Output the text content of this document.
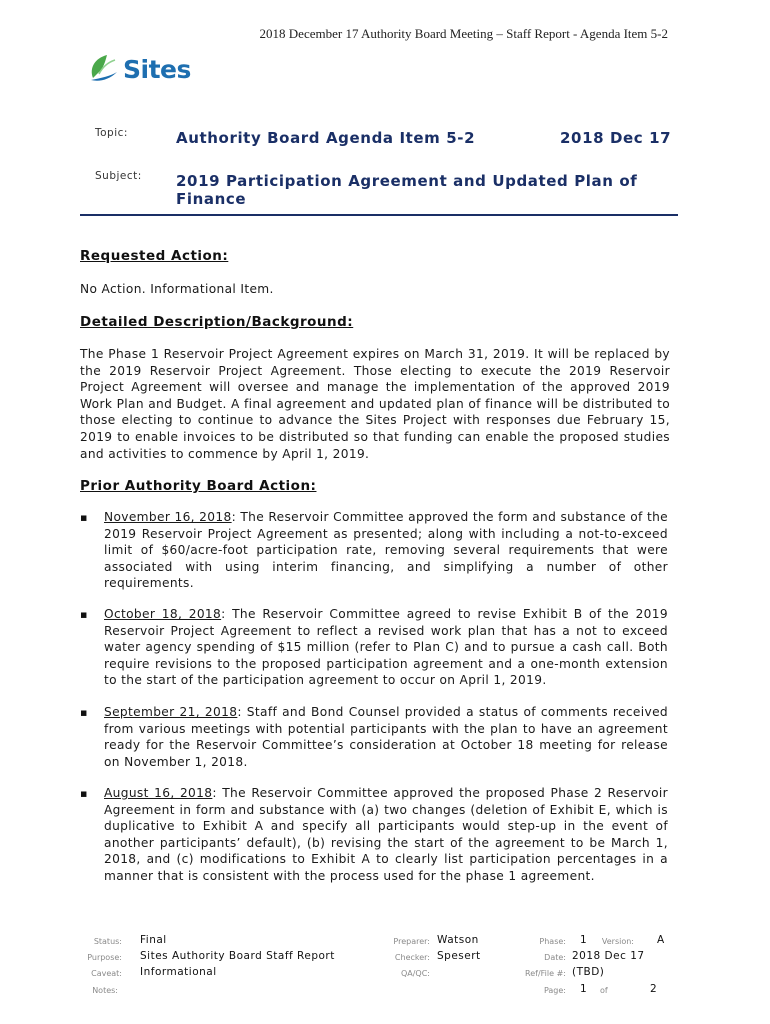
2018 December 17 Authority Board Meeting – Staff Report - Agenda Item 5-2
Sites
Topic:	Authority Board Agenda Item 5-2	2018 Dec 17
Subject: 2019 Participation Agreement and Updated Plan of
Finance
Requested Action:
No Action. Informational Item.
Detailed Description/Background:
The Phase 1 Reservoir Project Agreement expires on March 31, 2019. It will be replaced by the 2019 Reservoir Project Agreement. Those electing to execute the 2019 Reservoir Project Agreement will oversee and manage the implementation of the approved 2019 Work Plan and Budget. A final agreement and updated plan of finance will be distributed to those electing to continue to advance the Sites Project with responses due February 15, 2019 to enable invoices to be distributed so that funding can enable the proposed studies and activities to commence by April 1, 2019.
Prior Authority Board Action:
▪ November 16, 2018: The Reservoir Committee approved the form and substance of the 2019 Reservoir Project Agreement as presented; along with including a not-to-exceed limit of $60/acre-foot participation rate, removing several requirements that were associated with using interim financing, and simplifying a number of other requirements.
▪ October 18, 2018: The Reservoir Committee agreed to revise Exhibit B of the 2019 Reservoir Project Agreement to reflect a revised work plan that has a not to exceed water agency spending of $15 million (refer to Plan C) and to pursue a cash call. Both require revisions to the proposed participation agreement and a one-month extension to the start of the participation agreement to occur on April 1, 2019.
▪ September 21, 2018: Staff and Bond Counsel provided a status of comments received from various meetings with potential participants with the plan to have an agreement ready for the Reservoir Committee’s consideration at October 18 meeting for release on November 1, 2018.
▪ August 16, 2018: The Reservoir Committee approved the proposed Phase 2 Reservoir Agreement in form and substance with (a) two changes (deletion of Exhibit E, which is duplicative to Exhibit A and specify all participants would step-up in the event of another participants’ default), (b) revising the start of the agreement to be March 1, 2018, and (c) modifications to Exhibit A to clearly list participation percentages in a manner that is consistent with the process used for the phase 1 agreement.
Status: Final
Purpose: Sites Authority Board Staff Report
Caveat: Informational
Notes:
Preparer: Watson
Checker: Spesert
QA/QC:
Phase: 1	Version: A
Date: 2018 Dec 17
Ref/File #: (TBD)
Page: 1 of	2
